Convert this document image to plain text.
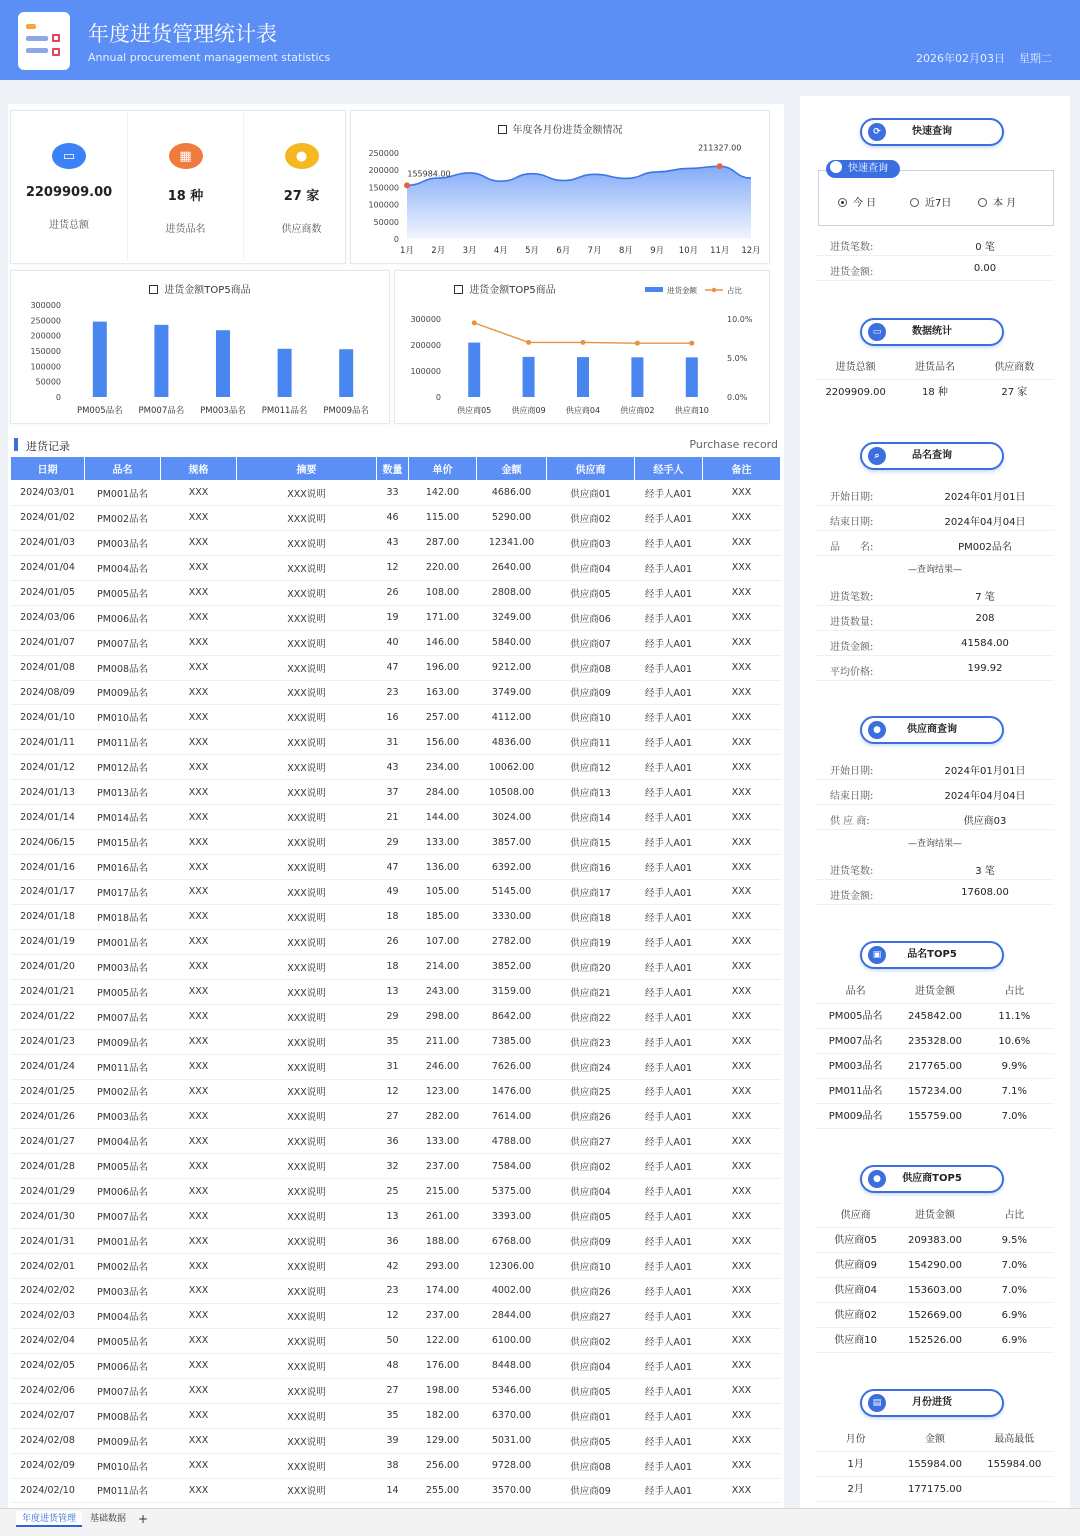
年度进货管理统计表
Annual procurement management statistics	2026年02月03日 星期二
▭
2209909.00
进货总额
▦
18 种
进货品名
●
27 家
供应商数
年度各月份进货金额情况
250000
200000
150000
100000
50000
0
1月 2月 3月 4月 5月 6月 7月 8月 9月 10月 11月 12月
155984.00
211327.00
进货金额TOP5商品
300000
250000
200000
150000
100000
50000
0
PM005品名 PM007品名 PM003品名 PM011品名 PM009品名
进货金额TOP5商品
300000
200000
100000
0
10.0%
5.0%
0.0%
供应商05	供应商09	供应商04	供应商02	供应商10
进货金额	占比
进货记录	Purchase record
日期	品名	规格	摘要	数量	单价	金额	供应商	经手人	备注
2024/03/01	PM001品名	XXX	XXX说明	33	142.00	4686.00	供应商01	经手人A01	XXX
2024/01/02	PM002品名	XXX	XXX说明	46	115.00	5290.00	供应商02	经手人A01	XXX
2024/01/03	PM003品名	XXX	XXX说明	43	287.00	12341.00	供应商03	经手人A01	XXX
2024/01/04	PM004品名	XXX	XXX说明	12	220.00	2640.00	供应商04	经手人A01	XXX
2024/01/05	PM005品名	XXX	XXX说明	26	108.00	2808.00	供应商05	经手人A01	XXX
2024/03/06	PM006品名	XXX	XXX说明	19	171.00	3249.00	供应商06	经手人A01	XXX
2024/01/07	PM007品名	XXX	XXX说明	40	146.00	5840.00	供应商07	经手人A01	XXX
2024/01/08	PM008品名	XXX	XXX说明	47	196.00	9212.00	供应商08	经手人A01	XXX
2024/08/09	PM009品名	XXX	XXX说明	23	163.00	3749.00	供应商09	经手人A01	XXX
2024/01/10	PM010品名	XXX	XXX说明	16	257.00	4112.00	供应商10	经手人A01	XXX
2024/01/11	PM011品名	XXX	XXX说明	31	156.00	4836.00	供应商11	经手人A01	XXX
2024/01/12	PM012品名	XXX	XXX说明	43	234.00	10062.00	供应商12	经手人A01	XXX
2024/01/13	PM013品名	XXX	XXX说明	37	284.00	10508.00	供应商13	经手人A01	XXX
2024/01/14	PM014品名	XXX	XXX说明	21	144.00	3024.00	供应商14	经手人A01	XXX
2024/06/15	PM015品名	XXX	XXX说明	29	133.00	3857.00	供应商15	经手人A01	XXX
2024/01/16	PM016品名	XXX	XXX说明	47	136.00	6392.00	供应商16	经手人A01	XXX
2024/01/17	PM017品名	XXX	XXX说明	49	105.00	5145.00	供应商17	经手人A01	XXX
2024/01/18	PM018品名	XXX	XXX说明	18	185.00	3330.00	供应商18	经手人A01	XXX
2024/01/19	PM001品名	XXX	XXX说明	26	107.00	2782.00	供应商19	经手人A01	XXX
2024/01/20	PM003品名	XXX	XXX说明	18	214.00	3852.00	供应商20	经手人A01	XXX
2024/01/21	PM005品名	XXX	XXX说明	13	243.00	3159.00	供应商21	经手人A01	XXX
2024/01/22	PM007品名	XXX	XXX说明	29	298.00	8642.00	供应商22	经手人A01	XXX
2024/01/23	PM009品名	XXX	XXX说明	35	211.00	7385.00	供应商23	经手人A01	XXX
2024/01/24	PM011品名	XXX	XXX说明	31	246.00	7626.00	供应商24	经手人A01	XXX
2024/01/25	PM002品名	XXX	XXX说明	12	123.00	1476.00	供应商25	经手人A01	XXX
2024/01/26	PM003品名	XXX	XXX说明	27	282.00	7614.00	供应商26	经手人A01	XXX
2024/01/27	PM004品名	XXX	XXX说明	36	133.00	4788.00	供应商27	经手人A01	XXX
2024/01/28	PM005品名	XXX	XXX说明	32	237.00	7584.00	供应商02	经手人A01	XXX
2024/01/29	PM006品名	XXX	XXX说明	25	215.00	5375.00	供应商04	经手人A01	XXX
2024/01/30	PM007品名	XXX	XXX说明	13	261.00	3393.00	供应商05	经手人A01	XXX
2024/01/31	PM001品名	XXX	XXX说明	36	188.00	6768.00	供应商09	经手人A01	XXX
2024/02/01	PM002品名	XXX	XXX说明	42	293.00	12306.00	供应商10	经手人A01	XXX
2024/02/02	PM003品名	XXX	XXX说明	23	174.00	4002.00	供应商26	经手人A01	XXX
2024/02/03	PM004品名	XXX	XXX说明	12	237.00	2844.00	供应商27	经手人A01	XXX
2024/02/04	PM005品名	XXX	XXX说明	50	122.00	6100.00	供应商02	经手人A01	XXX
2024/02/05	PM006品名	XXX	XXX说明	48	176.00	8448.00	供应商04	经手人A01	XXX
2024/02/06	PM007品名	XXX	XXX说明	27	198.00	5346.00	供应商05	经手人A01	XXX
2024/02/07	PM008品名	XXX	XXX说明	35	182.00	6370.00	供应商01	经手人A01	XXX
2024/02/08	PM009品名	XXX	XXX说明	39	129.00	5031.00	供应商05	经手人A01	XXX
2024/02/09	PM010品名	XXX	XXX说明	38	256.00	9728.00	供应商08	经手人A01	XXX
2024/02/10	PM011品名	XXX	XXX说明	14	255.00	3570.00	供应商09	经手人A01	XXX
⟳	快速查询
快速查询
今 日	近7日	本 月
进货笔数:	0 笔
进货金额:	0.00
▭	数据统计
进货总额	进货品名	供应商数
2209909.00	18 种	27 家
⌕	品名查询
开始日期:	2024年01月01日
结束日期:	2024年04月04日
品　　名:	PM002品名
—查询结果—
进货笔数:	7 笔
进货数量:	208
进货金额:	41584.00
平均价格:	199.92
●	供应商查询
开始日期:	2024年01月01日
结束日期:	2024年04月04日
供 应 商:	供应商03
—查询结果—
进货笔数:	3 笔
进货金额:	17608.00
▣	品名TOP5
品名	进货金额	占比
PM005品名	245842.00	11.1%
PM007品名	235328.00	10.6%
PM003品名	217765.00	9.9%
PM011品名	157234.00	7.1%
PM009品名	155759.00	7.0%
●	供应商TOP5
供应商	进货金额	占比
供应商05	209383.00	9.5%
供应商09	154290.00	7.0%
供应商04	153603.00	7.0%
供应商02	152669.00	6.9%
供应商10	152526.00	6.9%
▤	月份进货
月份	金额	最高最低
1月	155984.00	155984.00
2月	177175.00
年度进货管理	基础数据 +
